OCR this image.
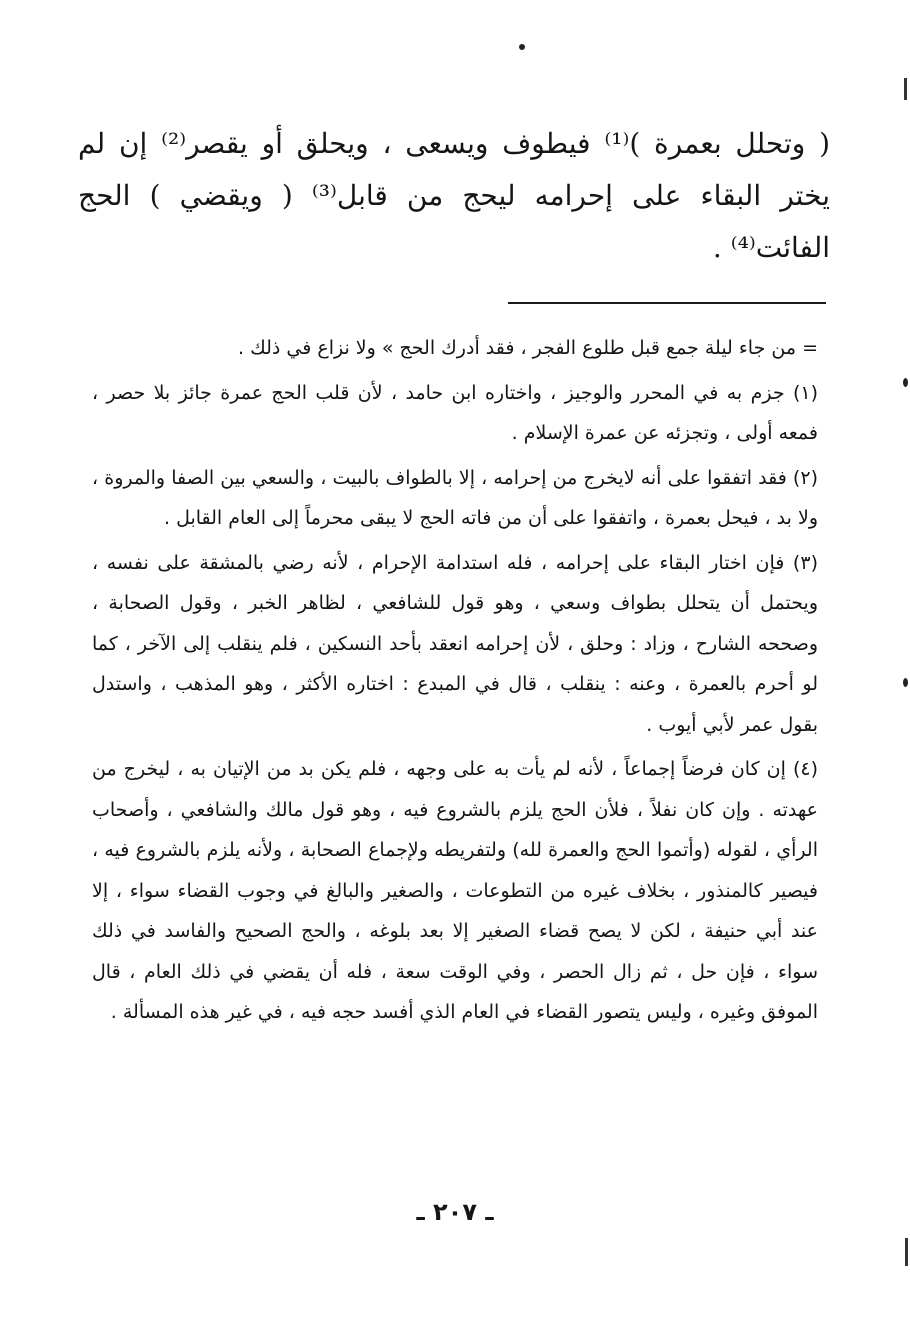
( وتحلل بعمرة )⁽¹⁾ فيطوف ويسعى ، ويحلق أو يقصر⁽²⁾ إن لم يختر البقاء على إحرامه ليحج من قابل⁽³⁾ ( ويقضي ) الحج الفائت⁽⁴⁾ .

= من جاء ليلة جمع قبل طلوع الفجر ، فقد أدرك الحج » ولا نزاع في ذلك .

(١) جزم به في المحرر والوجيز ، واختاره ابن حامد ، لأن قلب الحج عمرة جائز بلا حصر ، فمعه أولى ، وتجزئه عن عمرة الإسلام .

(٢) فقد اتفقوا على أنه لايخرج من إحرامه ، إلا بالطواف بالبيت ، والسعي بين الصفا والمروة ، ولا بد ، فيحل بعمرة ، واتفقوا على أن من فاته الحج لا يبقى محرماً إلى العام القابل .

(٣) فإن اختار البقاء على إحرامه ، فله استدامة الإحرام ، لأنه رضي بالمشقة على نفسه ، ويحتمل أن يتحلل بطواف وسعي ، وهو قول للشافعي ، لظاهر الخبر ، وقول الصحابة ، وصححه الشارح ، وزاد : وحلق ، لأن إحرامه انعقد بأحد النسكين ، فلم ينقلب إلى الآخر ، كما لو أحرم بالعمرة ، وعنه : ينقلب ، قال في المبدع : اختاره الأكثر ، وهو المذهب ، واستدل بقول عمر لأبي أيوب .

(٤) إن كان فرضاً إجماعاً ، لأنه لم يأت به على وجهه ، فلم يكن بد من الإتيان به ، ليخرج من عهدته . وإن كان نفلاً ، فلأن الحج يلزم بالشروع فيه ، وهو قول مالك والشافعي ، وأصحاب الرأي ، لقوله (وأتموا الحج والعمرة لله) ولتفريطه ولإجماع الصحابة ، ولأنه يلزم بالشروع فيه ، فيصير كالمنذور ، بخلاف غيره من التطوعات ، والصغير والبالغ في وجوب القضاء سواء ، إلا عند أبي حنيفة ، لكن لا يصح قضاء الصغير إلا بعد بلوغه ، والحج الصحيح والفاسد في ذلك سواء ، فإن حل ، ثم زال الحصر ، وفي الوقت سعة ، فله أن يقضي في ذلك العام ، قال الموفق وغيره ، وليس يتصور القضاء في العام الذي أفسد حجه فيه ، في غير هذه المسألة .

ـ ٢٠٧ ـ
